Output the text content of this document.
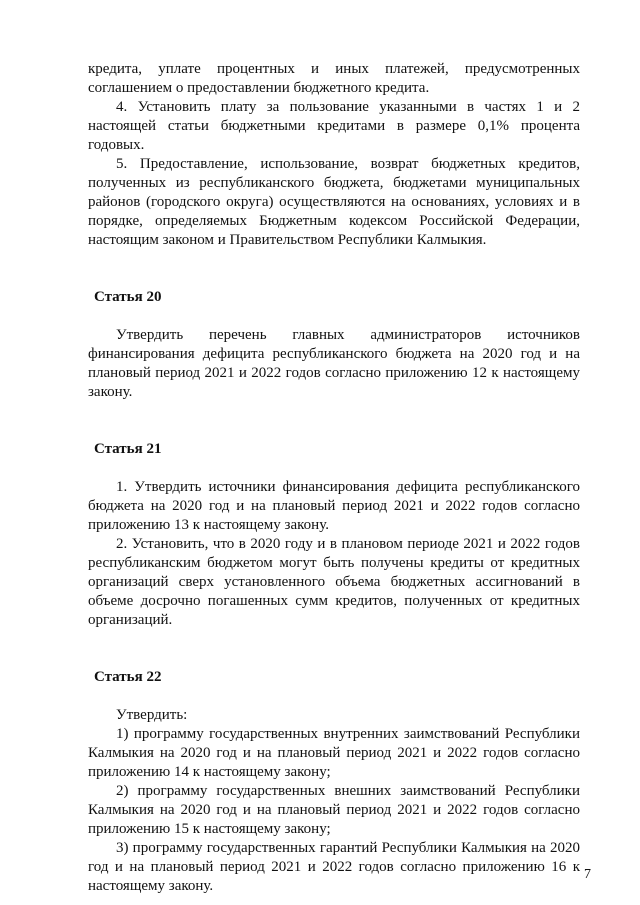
кредита, уплате процентных и иных платежей, предусмотренных соглашением о предоставлении бюджетного кредита.

4. Установить плату за пользование указанными в частях 1 и 2 настоящей статьи бюджетными кредитами в размере 0,1% процента годовых.

5. Предоставление, использование, возврат бюджетных кредитов, полученных из республиканского бюджета, бюджетами муниципальных районов (городского округа) осуществляются на основаниях, условиях и в порядке, определяемых Бюджетным кодексом Российской Федерации, настоящим законом и Правительством Республики Калмыкия.

Статья 20

Утвердить перечень главных администраторов источников финансирования дефицита республиканского бюджета на 2020 год и на плановый период 2021 и 2022 годов согласно приложению 12 к настоящему закону.

Статья 21

1. Утвердить источники финансирования дефицита республиканского бюджета на 2020 год и на плановый период 2021 и 2022 годов согласно приложению 13 к настоящему закону.

2. Установить, что в 2020 году и в плановом периоде 2021 и 2022 годов республиканским бюджетом могут быть получены кредиты от кредитных организаций сверх установленного объема бюджетных ассигнований в объеме досрочно погашенных сумм кредитов, полученных от кредитных организаций.

Статья 22

Утвердить:

1) программу государственных внутренних заимствований Республики Калмыкия на 2020 год и на плановый период 2021 и 2022 годов согласно приложению 14 к настоящему закону;

2) программу государственных внешних заимствований Республики Калмыкия на 2020 год и на плановый период 2021 и 2022 годов согласно приложению 15 к настоящему закону;

3) программу государственных гарантий Республики Калмыкия на 2020 год и на плановый период 2021 и 2022 годов согласно приложению 16 к настоящему закону.

7
